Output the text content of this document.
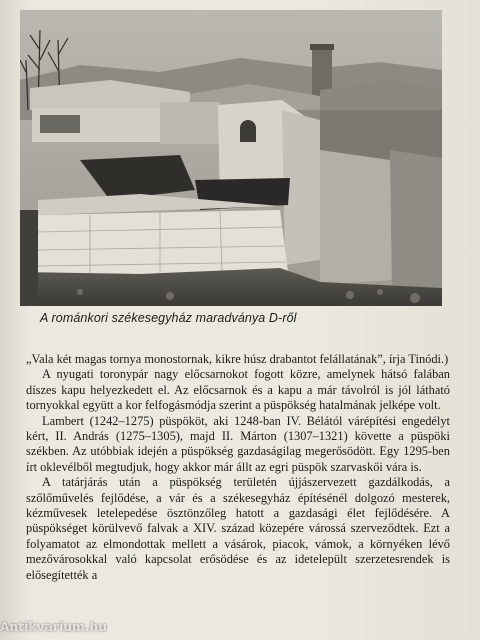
A románkori székesegyház maradványa D-ről

„Vala két magas tornya monostornak, kikre húsz drabantot felállatának”, írja Tinódi.)

A nyugati toronypár nagy előcsarnokot fogott közre, amelynek hátsó falában díszes kapu helyezkedett el. Az előcsarnok és a kapu a már távolról is jól látható tornyokkal együtt a kor felfogásmódja szerint a püspökség hatalmának jelképe volt.

Lambert (1242–1275) püspököt, aki 1248-ban IV. Bélától várépítési engedélyt kért, II. András (1275–1305), majd II. Márton (1307–1321) követte a püspöki székben. Az utóbbiak idején a püspökség gazdaságilag megerősödött. Egy 1295-ben írt oklevélből megtudjuk, hogy akkor már állt az egri püspök szarvaskői vára is.

A tatárjárás után a püspökség területén újjászervezett gazdálkodás, a szőlőművelés fejlődése, a vár és a székesegyház építésénél dolgozó mesterek, kézművesek letelepedése ösztönzőleg hatott a gazdasági élet fejlődésére. A püspökséget körülvevő falvak a XIV. század közepére várossá szerveződtek. Ezt a folyamatot az elmondottak mellett a vásárok, piacok, vámok, a környéken lévő mezővárosokkal való kapcsolat erősödése és az idetelepült szerzetesrendek is elősegítették a

Antikvarium.hu
